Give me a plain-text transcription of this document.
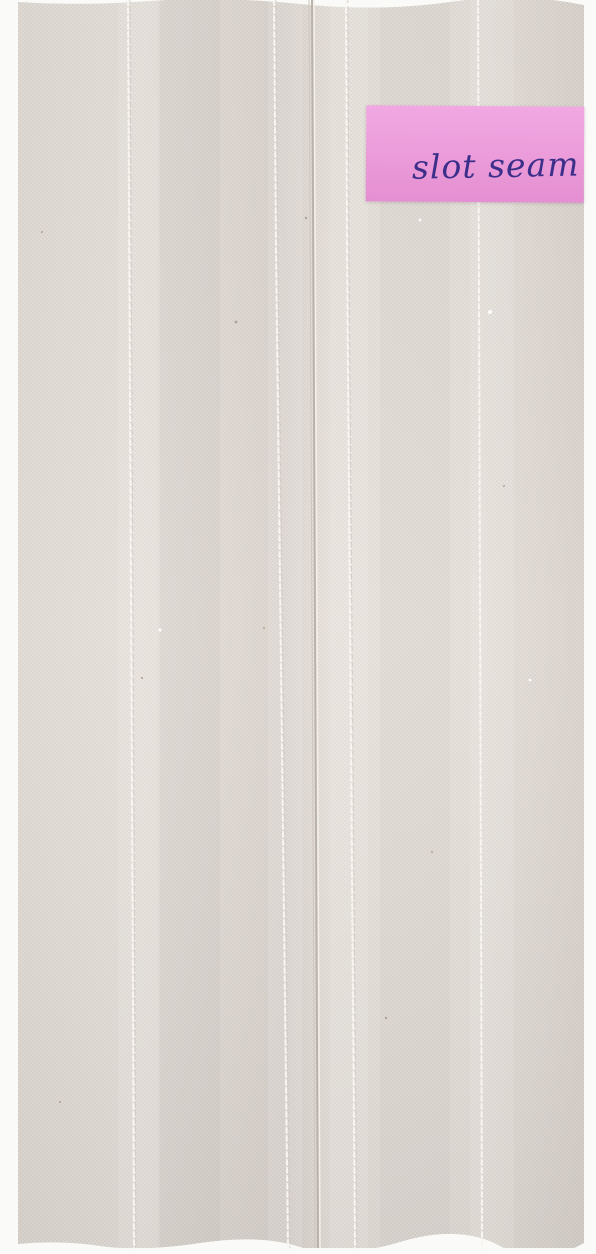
slot seam
